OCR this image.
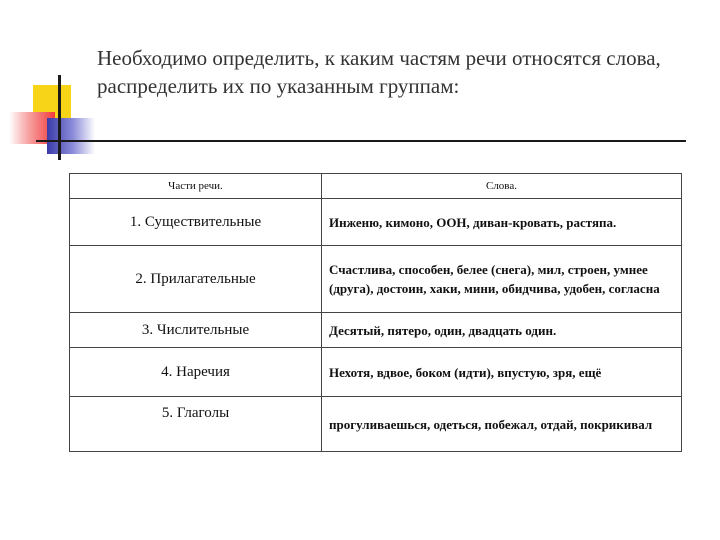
Необходимо определить, к каким частям речи относятся слова, распределить их по указанным группам:
Части речи.	Слова.
1. Существительные	Инженю, кимоно, ООН, диван-кровать, растяпа.
2. Прилагательные	Счастлива, способен, белее (снега), мил, строен, умнее (друга), достоин, хаки, мини, обидчива, удобен, согласна
3. Числительные	Десятый, пятеро, один, двадцать один.
4. Наречия	Нехотя, вдвое, боком (идти), впустую, зря, ещё
5. Глаголы	прогуливаешься, одеться, побежал, отдай, покрикивал
